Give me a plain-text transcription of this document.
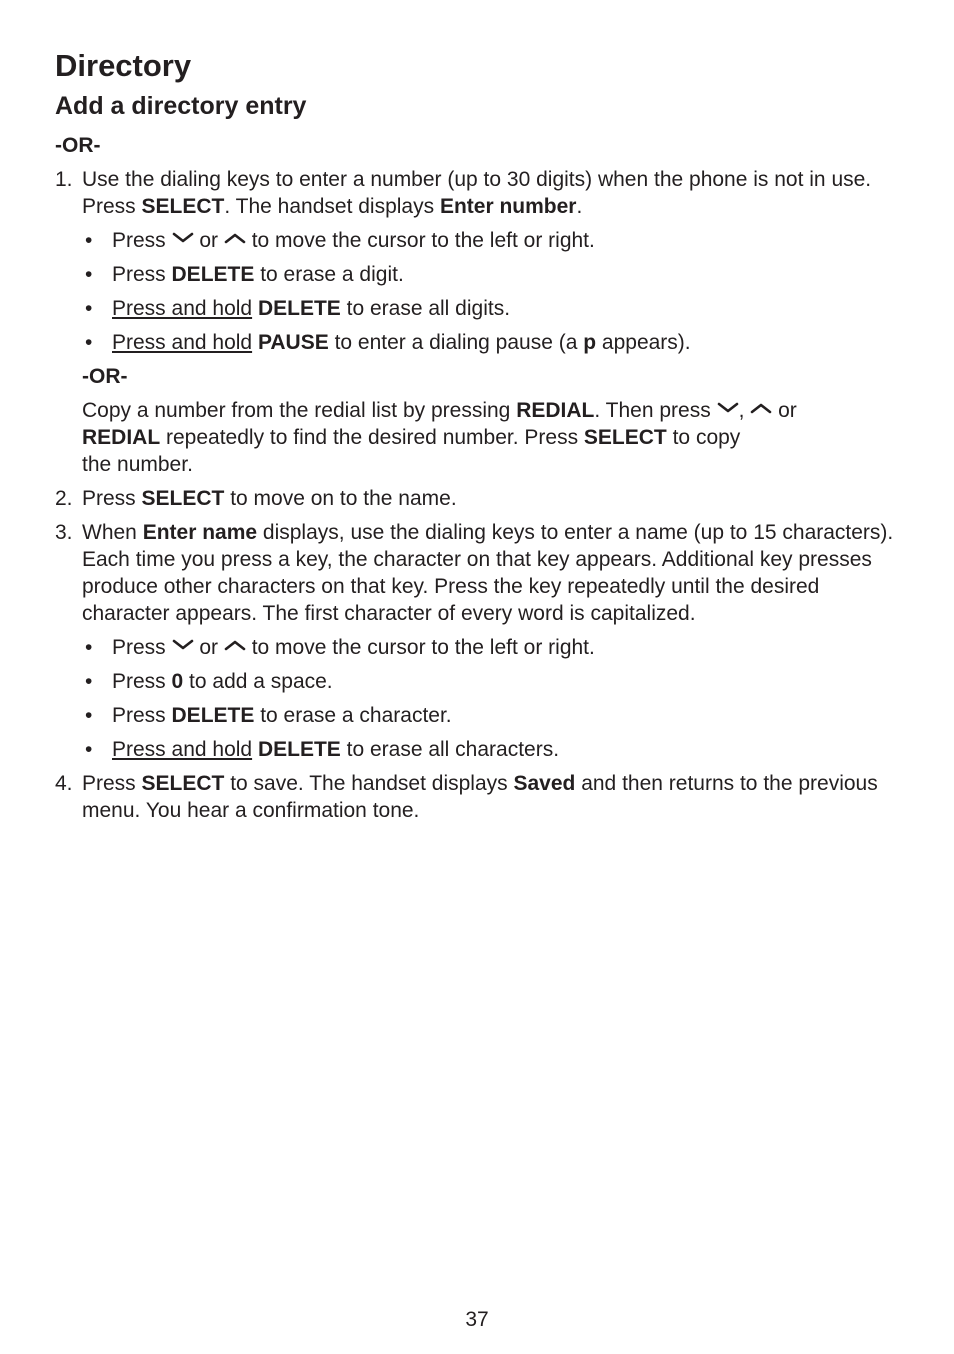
Directory
Add a directory entry
-OR-
1. Use the dialing keys to enter a number (up to 30 digits) when the phone is not in use. Press SELECT. The handset displays Enter number.
• Press
or
to move the cursor to the left or right.
• Press DELETE to erase a digit.
• Press and hold DELETE to erase all digits.
• Press and hold PAUSE to enter a dialing pause (a p appears).
-OR-
Copy a number from the redial list by pressing REDIAL. Then press
,
or
REDIAL repeatedly to find the desired number. Press SELECT to copy
the number.
2. Press SELECT to move on to the name.
3. When Enter name displays, use the dialing keys to enter a name (up to 15 characters). Each time you press a key, the character on that key appears. Additional key presses produce other characters on that key. Press the key repeatedly until the desired character appears. The first character of every word is capitalized.
• Press
or
to move the cursor to the left or right.
• Press 0 to add a space.
• Press DELETE to erase a character.
• Press and hold DELETE to erase all characters.
4. Press SELECT to save. The handset displays Saved and then returns to the previous menu. You hear a confirmation tone.
37
